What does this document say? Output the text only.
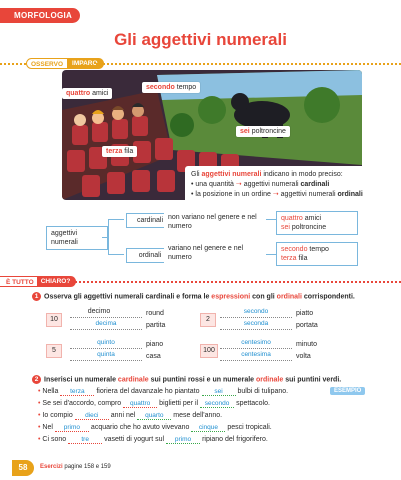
MORFOLOGIA
Gli aggettivi numerali
OSSERVO	IMPARO
quattro amici
secondo tempo
sei poltroncine
terza fila
Gli aggettivi numerali indicano in modo preciso:
• una quantità ➝ aggettivi numerali cardinali
• la posizione in un ordine ➝ aggettivi numerali ordinali
aggettivi numerali
cardinali
ordinali
non variano nel genere e nel numero
variano nel genere e nel numero
quattro amici
sei poltroncine
secondo tempo
terza fila
È TUTTO	CHIARO?
1 Osserva gli aggettivi numerali cardinali e forma le espressioni con gli ordinali corrispondenti.
10
decimo	round
decima	partita
2
secondo	piatto
seconda	portata
5
quinto	piano
quinta	casa
100
centesimo	minuto
centesima	volta
2 Inserisci un numerale cardinale sui puntini rossi e un numerale ordinale sui puntini verdi.
ESEMPIO
• Nella terza fioriera del davanzale ho piantato sei bulbi di tulipano.
• Se sei d'accordo, compro quattro biglietti per il secondo spettacolo.
• Io compio dieci anni nel quarto mese dell'anno.
• Nel primo acquario che ho avuto vivevano cinque pesci tropicali.
• Ci sono tre vasetti di yogurt sul primo ripiano del frigorifero.
58	Esercizi pagine 158 e 159
